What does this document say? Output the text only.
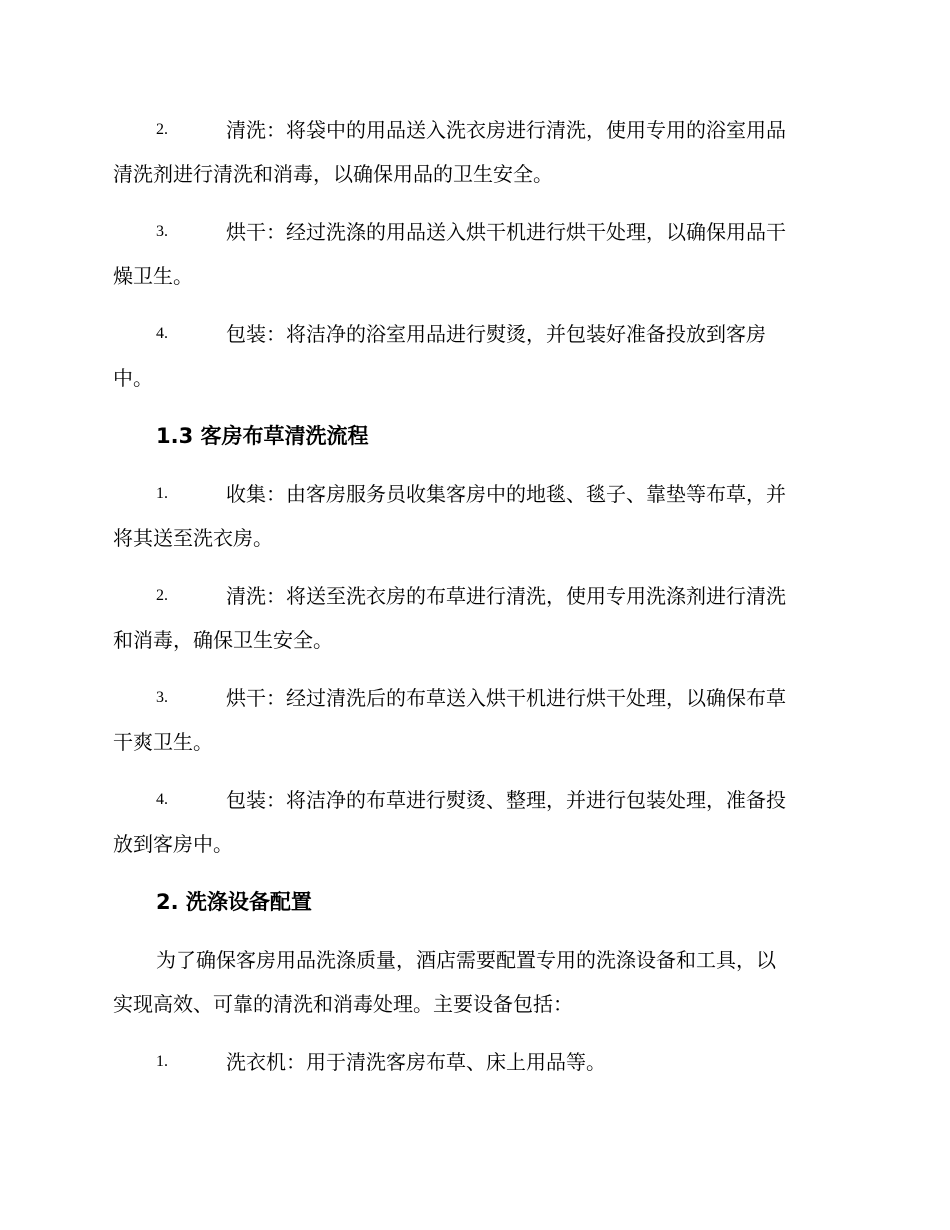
2.	清洗：将袋中的用品送入洗衣房进行清洗，使用专用的浴室用品
清洗剂进行清洗和消毒，以确保用品的卫生安全。
3.	烘干：经过洗涤的用品送入烘干机进行烘干处理，以确保用品干
燥卫生。
4.	包装：将洁净的浴室用品进行熨烫，并包装好准备投放到客房
中。
1.3 客房布草清洗流程
1.	收集：由客房服务员收集客房中的地毯、毯子、靠垫等布草，并
将其送至洗衣房。
2.	清洗：将送至洗衣房的布草进行清洗，使用专用洗涤剂进行清洗
和消毒，确保卫生安全。
3.	烘干：经过清洗后的布草送入烘干机进行烘干处理，以确保布草
干爽卫生。
4.	包装：将洁净的布草进行熨烫、整理，并进行包装处理，准备投
放到客房中。
2. 洗涤设备配置
为了确保客房用品洗涤质量，酒店需要配置专用的洗涤设备和工具，以
实现高效、可靠的清洗和消毒处理。主要设备包括：
1.	洗衣机：用于清洗客房布草、床上用品等。
